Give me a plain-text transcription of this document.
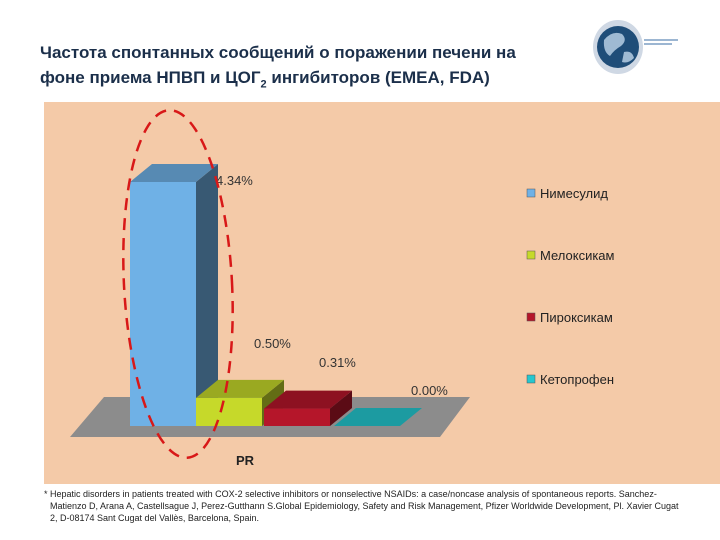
Частота спонтанных сообщений о поражении печени на
фоне приема НПВП и $ЦОГ_2$ ингибиторов (EMEA, FDA)
4.34%
0.50%
0.31%
0.00%
PR
Нимесулид
Мелоксикам
Пироксикам
Кетопрофен
* Hepatic disorders in patients treated with COX-2 selective inhibitors or nonselective NSAIDs: a case/noncase analysis of spontaneous reports. Sanchez-Matienzo D, Arana A, Castellsague J, Perez-Gutthann S.Global Epidemiology, Safety and Risk Management, Pfizer Worldwide Development, Pl. Xavier Cugat 2, D-08174 Sant Cugat del Vallès, Barcelona, Spain.
